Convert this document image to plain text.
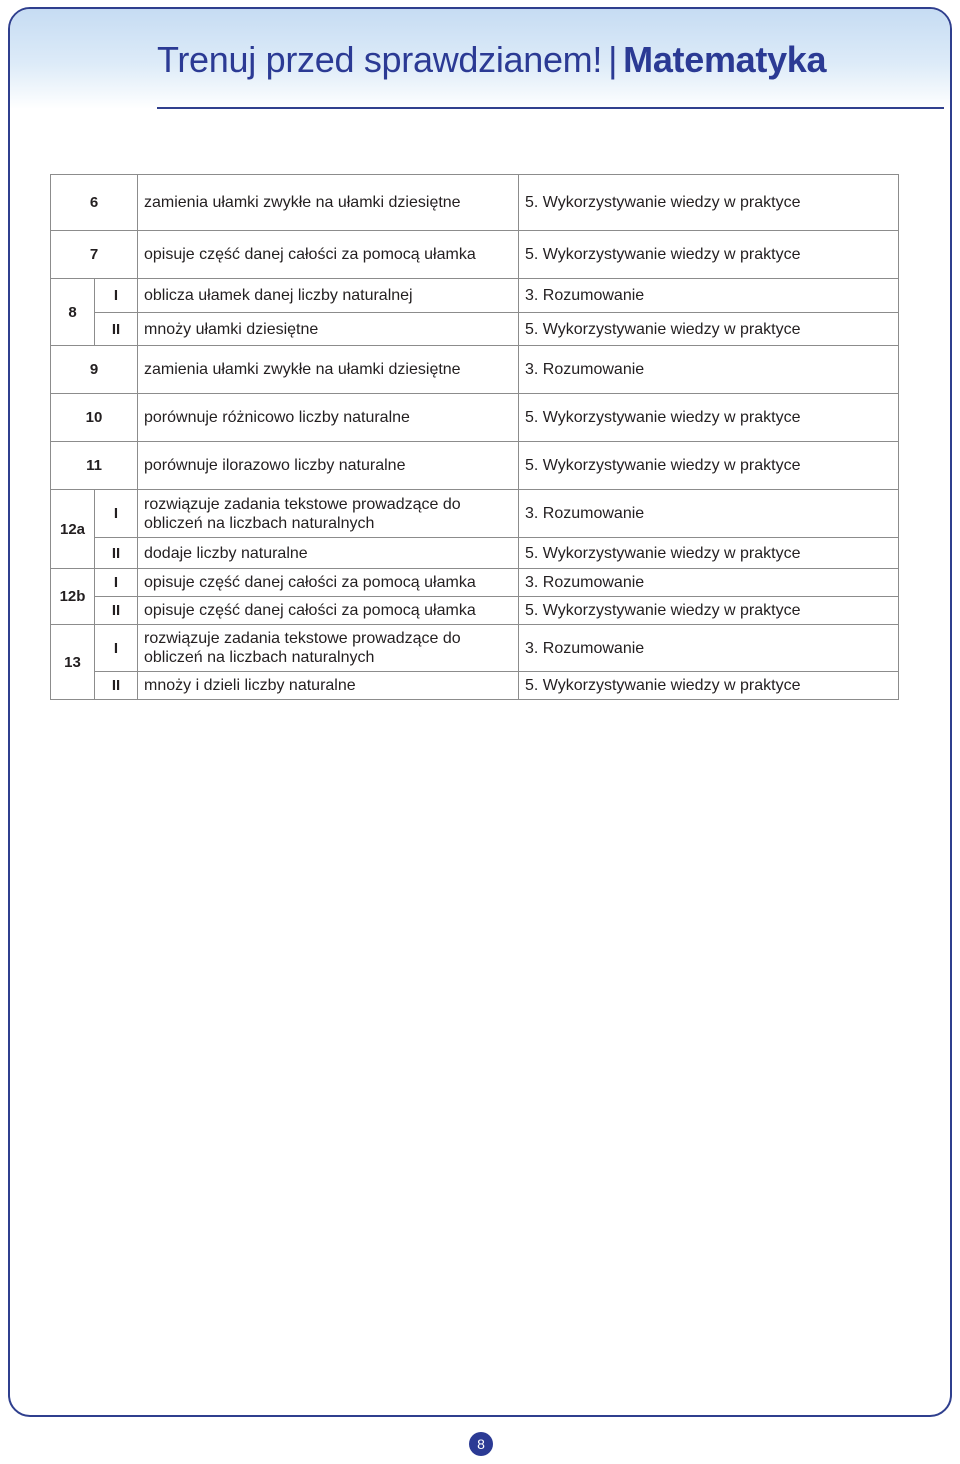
Trenuj przed sprawdzianem! | Matematyka
6		zamienia ułamki zwykłe na ułamki dziesiętne	5. Wykorzystywanie wiedzy w praktyce
7		opisuje część danej całości za pomocą ułamka	5. Wykorzystywanie wiedzy w praktyce
8	I	oblicza ułamek danej liczby naturalnej	3. Rozumowanie
	II	mnoży ułamki dziesiętne	5. Wykorzystywanie wiedzy w praktyce
9		zamienia ułamki zwykłe na ułamki dziesiętne	3. Rozumowanie
10		porównuje różnicowo liczby naturalne	5. Wykorzystywanie wiedzy w praktyce
11		porównuje ilorazowo liczby naturalne	5. Wykorzystywanie wiedzy w praktyce
12a	I	rozwiązuje zadania tekstowe prowadzące do
obliczeń na liczbach naturalnych	3. Rozumowanie
	II	dodaje liczby naturalne	5. Wykorzystywanie wiedzy w praktyce
12b	I	opisuje część danej całości za pomocą ułamka	3. Rozumowanie
	II	opisuje część danej całości za pomocą ułamka	5. Wykorzystywanie wiedzy w praktyce
13	I	rozwiązuje zadania tekstowe prowadzące do
obliczeń na liczbach naturalnych	3. Rozumowanie
	II	mnoży i dzieli liczby naturalne	5. Wykorzystywanie wiedzy w praktyce
8
